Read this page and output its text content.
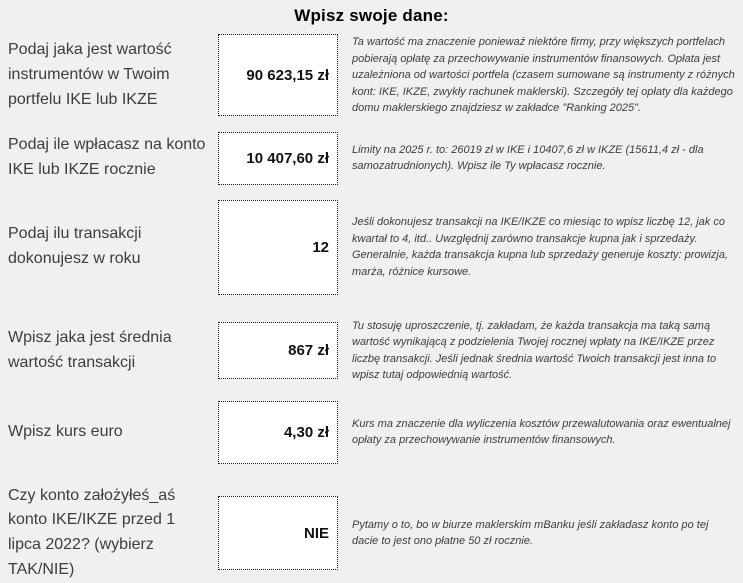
Wpisz swoje dane:
Podaj jaka jest wartość instrumentów w Twoim portfelu IKE lub IKZE
90 623,15 zł
Ta wartość ma znaczenie ponieważ niektóre firmy, przy większych portfelach pobierają opłatę za przechowywanie instrumentów finansowych. Opłata jest uzależniona od wartości portfela (czasem sumowane są instrumenty z różnych kont: IKE, IKZE, zwykły rachunek maklerski). Szczegóły tej opłaty dla każdego domu maklerskiego znajdziesz w zakładce "Ranking 2025".
Podaj ile wpłacasz na konto IKE lub IKZE rocznie
10 407,60 zł Limity na 2025 r. to: 26019 zł w IKE i 10407,6 zł w IKZE (15611,4 zł - dla samozatrudnionych). Wpisz ile Ty wpłacasz rocznie.
Podaj ilu transakcji dokonujesz w roku
12
Jeśli dokonujesz transakcji na IKE/IKZE co miesiąc to wpisz liczbę 12, jak co kwartał to 4, itd.. Uwzględnij zarówno transakcje kupna jak i sprzedaży. Generalnie, każda transakcja kupna lub sprzedaży generuje koszty: prowizja, marża, różnice kursowe.
Wpisz jaka jest średnia wartość transakcji
867 zł
Tu stosuję uproszczenie, tj. zakładam, że każda transakcja ma taką samą wartość wynikającą z podzielenia Twojej rocznej wpłaty na IKE/IKZE przez liczbę transakcji. Jeśli jednak średnia wartość Twoich transakcji jest inna to wpisz tutaj odpowiednią wartość.
Wpisz kurs euro	4,30 zł Kurs ma znaczenie dla wyliczenia kosztów przewalutowania oraz ewentualnej opłaty za przechowywanie instrumentów finansowych.
Czy konto założyłeś_aś konto IKE/IKZE przed 1 lipca 2022? (wybierz TAK/NIE)
NIE Pytamy o to, bo w biurze maklerskim mBanku jeśli zakładasz konto po tej dacie to jest ono płatne 50 zł rocznie.
